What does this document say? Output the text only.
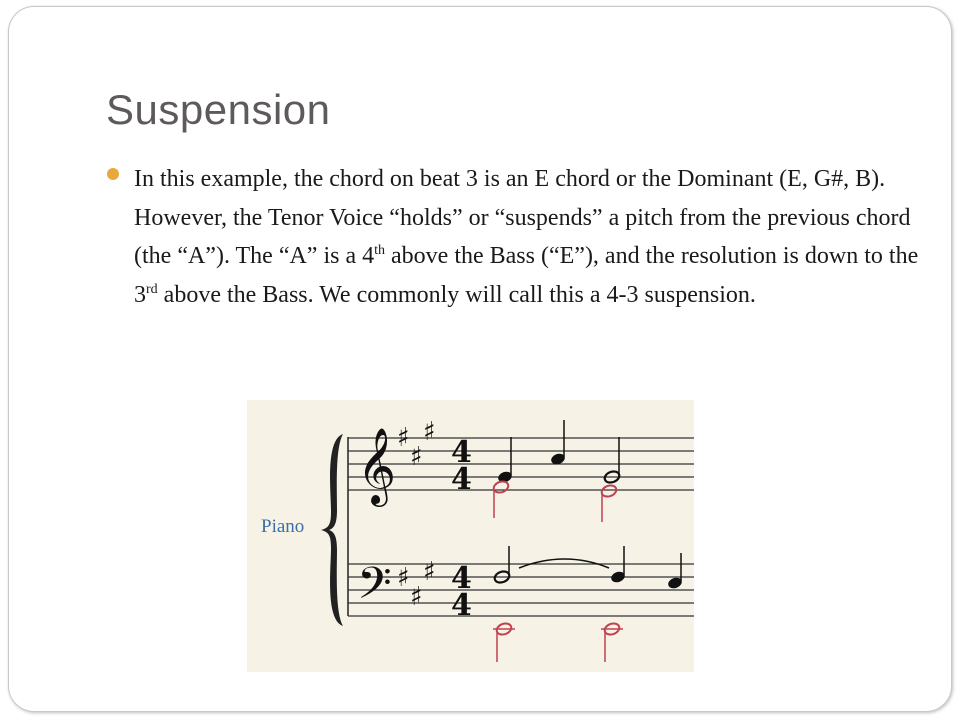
Suspension
In this example, the chord on beat 3 is an E chord or the Dominant (E, G#, B). However, the Tenor Voice “holds” or “suspends” a pitch from the previous chord (the “A”). The “A” is a 4th above the Bass (“E”), and the resolution is down to the 3rd above the Bass. We commonly will call this a 4-3 suspension.
Piano
𝄞
𝄢
♯
♯
♯
♯
♯
♯
4
4
4
4
